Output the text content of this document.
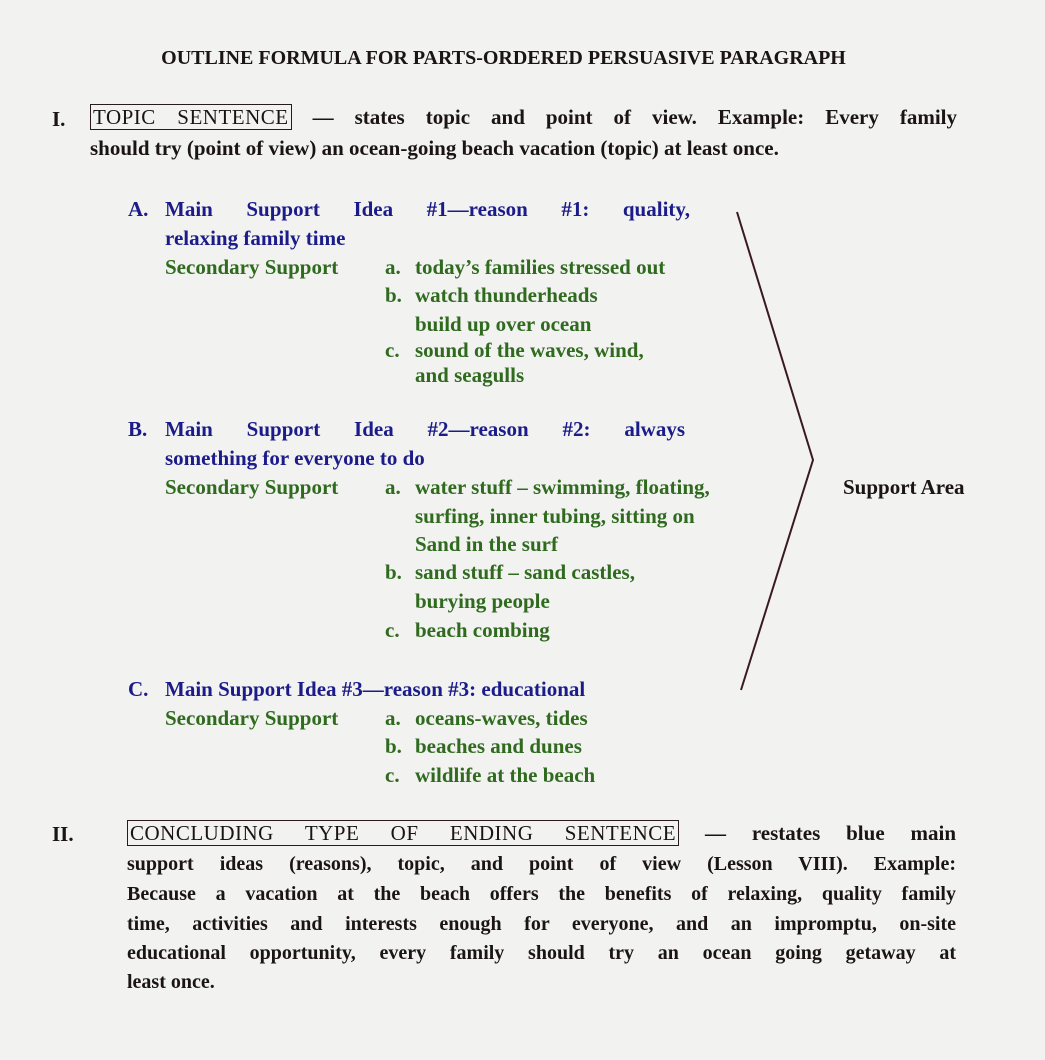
OUTLINE FORMULA FOR PARTS-ORDERED PERSUASIVE PARAGRAPH
I. TOPIC SENTENCE — states topic and point of view. Example: Every family
should try (point of view) an ocean-going beach vacation (topic) at least once.
A. Main Support Idea #1—reason #1: quality,
relaxing family time
Secondary Support a. today’s families stressed out
b. watch thunderheads
build up over ocean
c. sound of the waves, wind,
and seagulls
B. Main Support Idea #2—reason #2: always
something for everyone to do
Secondary Support a. water stuff – swimming, floating,
surfing, inner tubing, sitting on
Sand in the surf
b. sand stuff – sand castles,
burying people
c. beach combing
C. Main Support Idea #3—reason #3: educational
Secondary Support a. oceans-waves, tides
b. beaches and dunes
c. wildlife at the beach
Support Area
II.	CONCLUDING TYPE OF ENDING SENTENCE — restates blue main
support ideas (reasons), topic, and point of view (Lesson VIII). Example:
Because a vacation at the beach offers the benefits of relaxing, quality family
time, activities and interests enough for everyone, and an impromptu, on-site
educational opportunity, every family should try an ocean going getaway at
least once.
